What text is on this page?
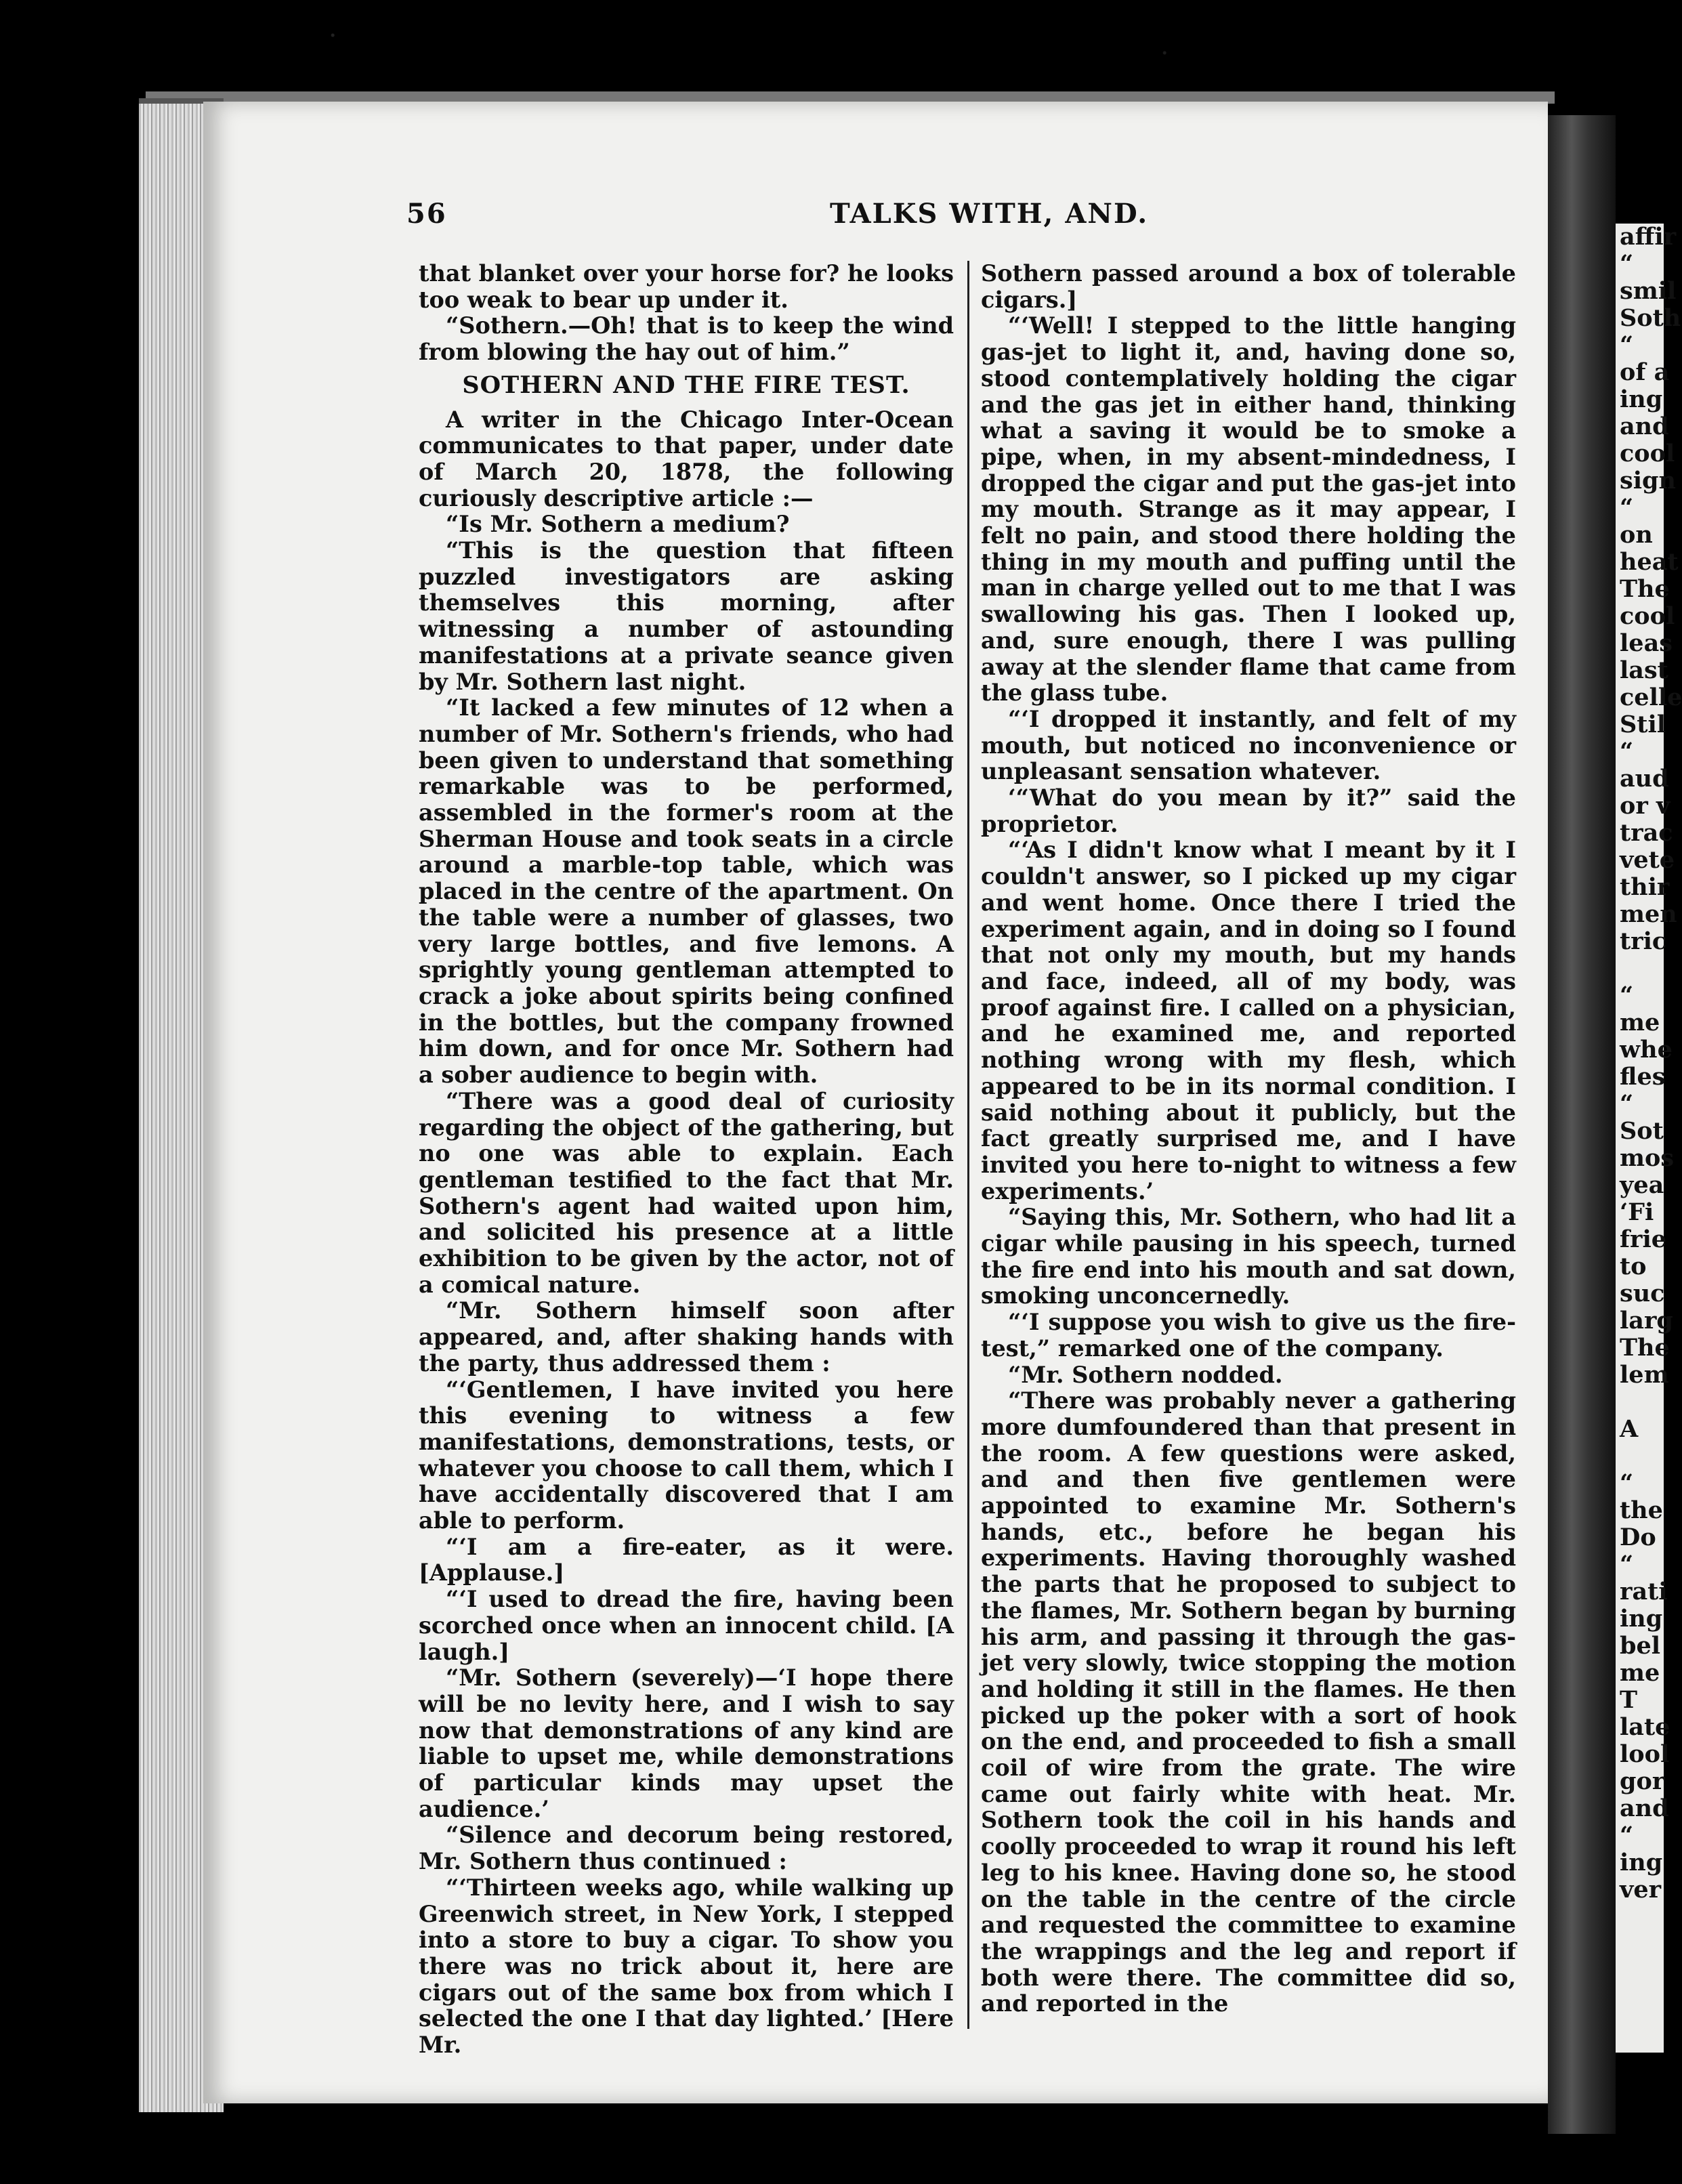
affir
“
smil
Soth
“
of a
ing
and
cool
sign
“
on
heat
The
cool
leas
last
celle
Stil
“
aud
or v
trac
vete
thir
men
tric

“
me
whe
fles
“
Sot
mos
yea
‘Fi
frie
to
suc
larg
The
lem

A

“
the
Do
“
rati
ing
bel
me
T
late
lool
gor
and
“
ing
ver
56	TALKS WITH, AND.

that blanket over your horse for? he looks too weak to bear up under it.

“Sothern.—Oh! that is to keep the wind from blowing the hay out of him.”

SOTHERN AND THE FIRE TEST.

A writer in the Chicago Inter-Ocean communicates to that paper, under date of March 20, 1878, the following curiously descriptive article :—

“Is Mr. Sothern a medium?

“This is the question that fifteen puzzled investigators are asking themselves this morning, after witnessing a number of astounding manifestations at a private seance given by Mr. Sothern last night.

“It lacked a few minutes of 12 when a number of Mr. Sothern's friends, who had been given to understand that something remarkable was to be performed, assembled in the former's room at the Sherman House and took seats in a circle around a marble-top table, which was placed in the centre of the apartment. On the table were a number of glasses, two very large bottles, and five lemons. A sprightly young gentleman attempted to crack a joke about spirits being confined in the bottles, but the company frowned him down, and for once Mr. Sothern had a sober audience to begin with.

“There was a good deal of curiosity regarding the object of the gathering, but no one was able to explain. Each gentleman testified to the fact that Mr. Sothern's agent had waited upon him, and solicited his presence at a little exhibition to be given by the actor, not of a comical nature.

“Mr. Sothern himself soon after appeared, and, after shaking hands with the party, thus addressed them :

“‘Gentlemen, I have invited you here this evening to witness a few manifestations, demonstrations, tests, or whatever you choose to call them, which I have accidentally discovered that I am able to perform.

“‘I am a fire-eater, as it were. [Applause.]

“‘I used to dread the fire, having been scorched once when an innocent child. [A laugh.]

“Mr. Sothern (severely)—‘I hope there will be no levity here, and I wish to say now that demonstrations of any kind are liable to upset me, while demonstrations of particular kinds may upset the audience.’

“Silence and decorum being restored, Mr. Sothern thus continued :

“‘Thirteen weeks ago, while walking up Greenwich street, in New York, I stepped into a store to buy a cigar. To show you there was no trick about it, here are cigars out of the same box from which I selected the one I that day lighted.’ [Here Mr.

Sothern passed around a box of tolerable cigars.]

“‘Well! I stepped to the little hanging gas-jet to light it, and, having done so, stood contemplatively holding the cigar and the gas jet in either hand, thinking what a saving it would be to smoke a pipe, when, in my absent-mindedness, I dropped the cigar and put the gas-jet into my mouth. Strange as it may appear, I felt no pain, and stood there holding the thing in my mouth and puffing until the man in charge yelled out to me that I was swallowing his gas. Then I looked up, and, sure enough, there I was pulling away at the slender flame that came from the glass tube.

“‘I dropped it instantly, and felt of my mouth, but noticed no inconvenience or unpleasant sensation whatever.

‘“What do you mean by it?” said the proprietor.

“‘As I didn't know what I meant by it I couldn't answer, so I picked up my cigar and went home. Once there I tried the experiment again, and in doing so I found that not only my mouth, but my hands and face, indeed, all of my body, was proof against fire. I called on a physician, and he examined me, and reported nothing wrong with my flesh, which appeared to be in its normal condition. I said nothing about it publicly, but the fact greatly surprised me, and I have invited you here to-night to witness a few experiments.’

“Saying this, Mr. Sothern, who had lit a cigar while pausing in his speech, turned the fire end into his mouth and sat down, smoking unconcernedly.

“‘I suppose you wish to give us the fire-test,” remarked one of the company.

“Mr. Sothern nodded.

“There was probably never a gathering more dumfoundered than that present in the room. A few questions were asked, and and then five gentlemen were appointed to examine Mr. Sothern's hands, etc., before he began his experiments. Having thoroughly washed the parts that he proposed to subject to the flames, Mr. Sothern began by burning his arm, and passing it through the gas-jet very slowly, twice stopping the motion and holding it still in the flames. He then picked up the poker with a sort of hook on the end, and proceeded to fish a small coil of wire from the grate. The wire came out fairly white with heat. Mr. Sothern took the coil in his hands and coolly proceeded to wrap it round his left leg to his knee. Having done so, he stood on the table in the centre of the circle and requested the committee to examine the wrappings and the leg and report if both were there. The committee did so, and reported in the
